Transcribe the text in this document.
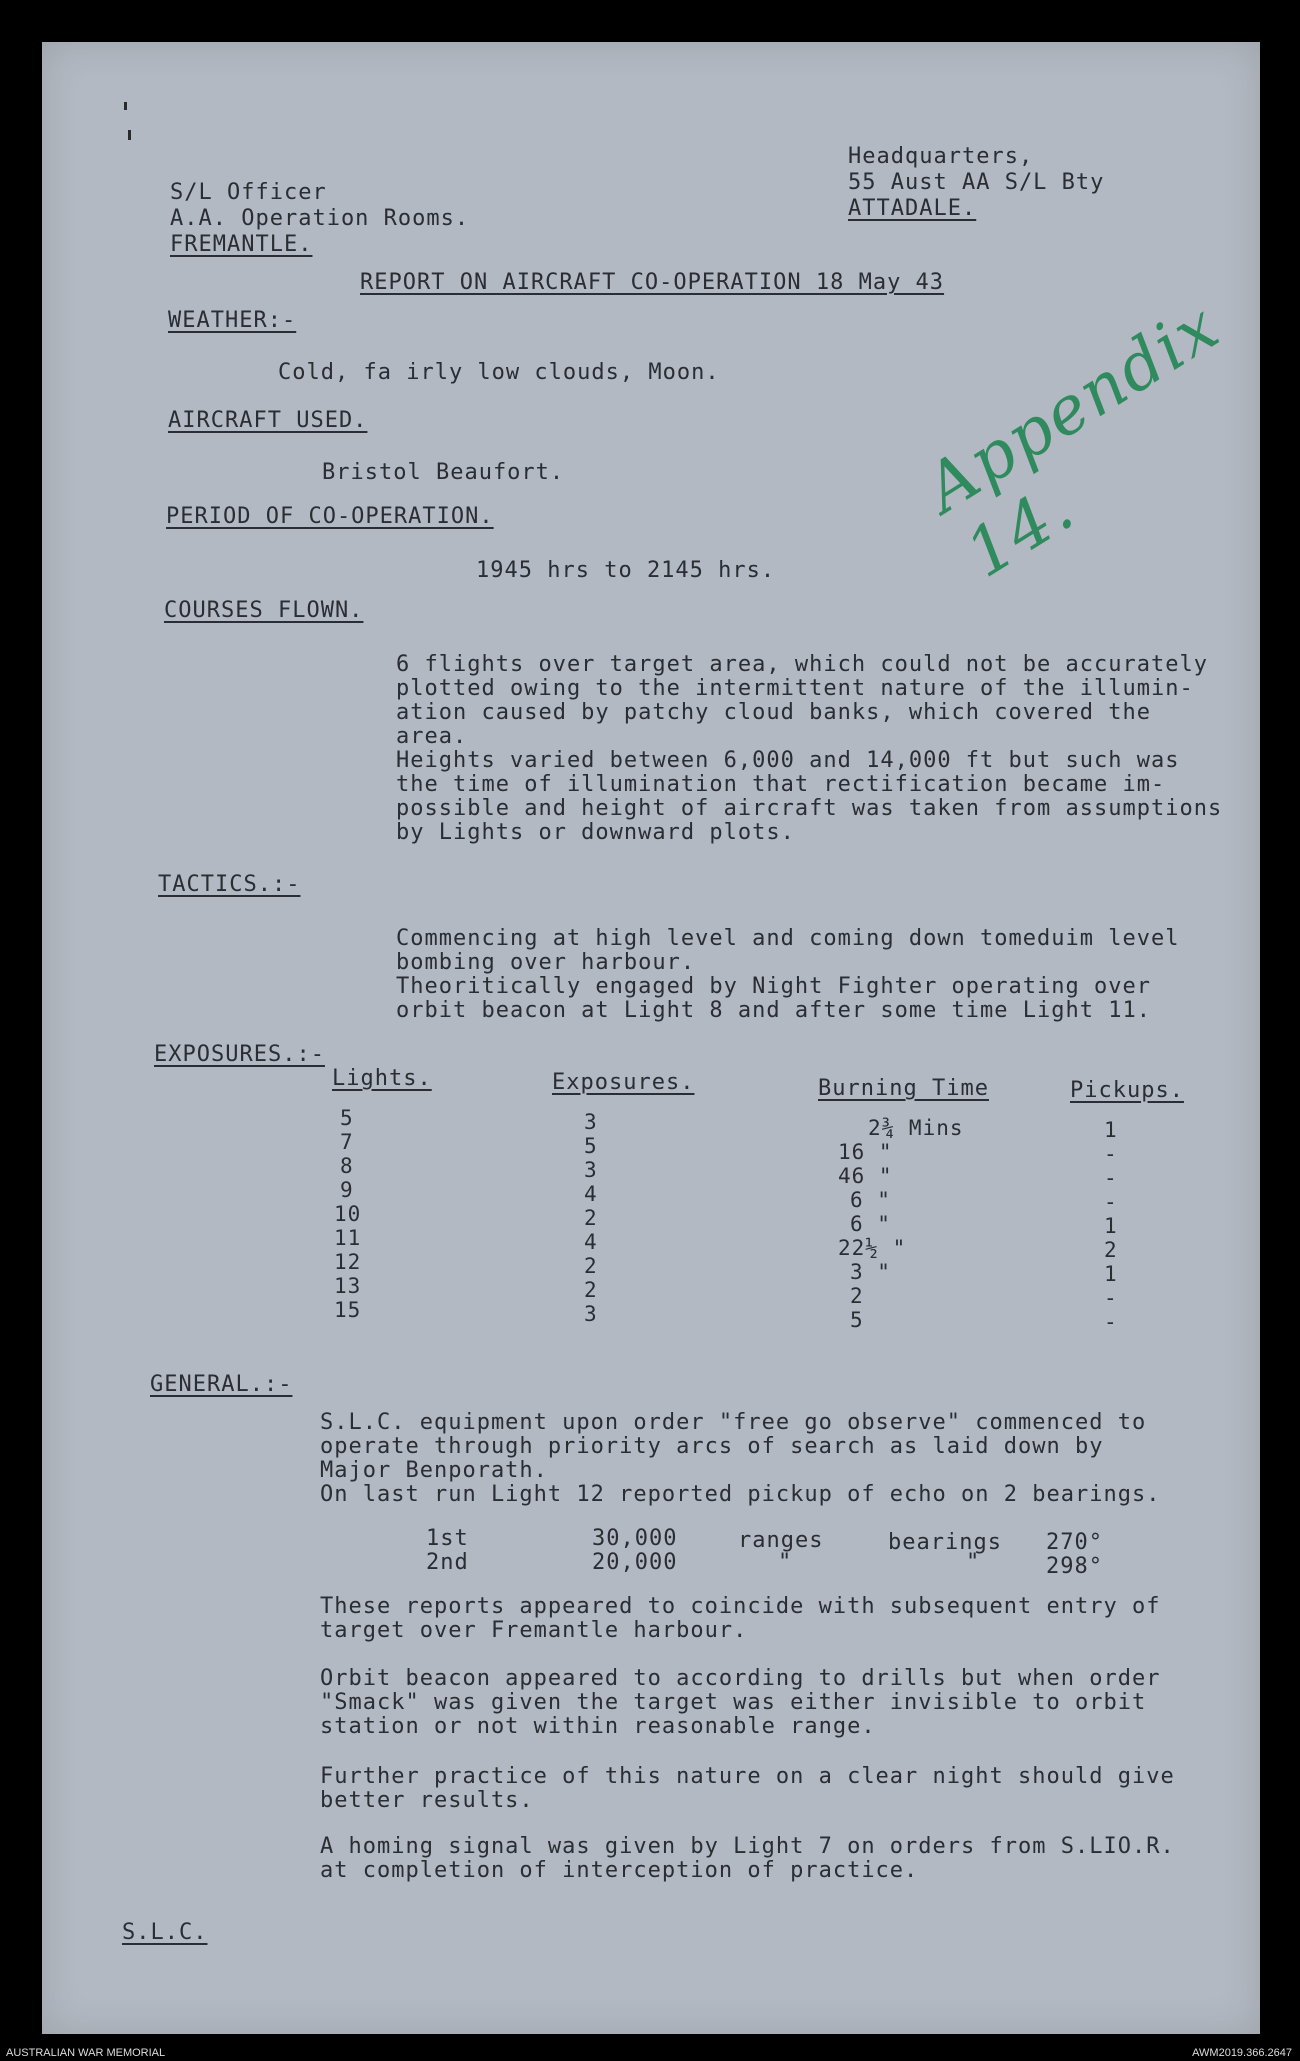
Headquarters,
55 Aust AA S/L Bty
ATTADALE.
S/L Officer
A.A. Operation Rooms.
FREMANTLE.
REPORT ON AIRCRAFT CO-OPERATION 18 May 43
Appendix 14.
WEATHER:-
Cold, fa irly low clouds, Moon.
AIRCRAFT USED.
Bristol Beaufort.
PERIOD OF CO-OPERATION.
1945 hrs to 2145 hrs.
COURSES FLOWN.
6 flights over target area, which could not be accurately
plotted owing to the intermittent nature of the illumin-
ation caused by patchy cloud banks, which covered the
area.
Heights varied between 6,000 and 14,000 ft but such was
the time of illumination that rectification became im-
possible and height of aircraft was taken from assumptions
by Lights or downward plots.
TACTICS.:-
Commencing at high level and coming down tomeduim level
bombing over harbour.
Theoritically engaged by Night Fighter operating over
orbit beacon at Light 8 and after some time Light 11.
EXPOSURES.:-
Lights.	Exposures.	Burning Time	Pickups.
5	3	2¾ Mins	1
7	5	16 "	-
8	3	46 "	-
9	4	6 "	-
10	2	6 "	1
11	4	22½ "	2
12	2	3 "	1
13	2	2	-
15	3	5	-
GENERAL.:-
S.L.C. equipment upon order "free go observe" commenced to
operate through priority arcs of search as laid down by
Major Benporath.
On last run Light 12 reported pickup of echo on 2 bearings.
1st	30,000	ranges	bearings 270°
2nd	20,000	"	"	298°
These reports appeared to coincide with subsequent entry of
target over Fremantle harbour.
Orbit beacon appeared to according to drills but when order
"Smack" was given the target was either invisible to orbit
station or not within reasonable range.
Further practice of this nature on a clear night should give
better results.
A homing signal was given by Light 7 on orders from S.LIO.R.
at completion of interception of practice.
S.L.C.
AUSTRALIAN WAR MEMORIAL	AWM2019.366.2647
